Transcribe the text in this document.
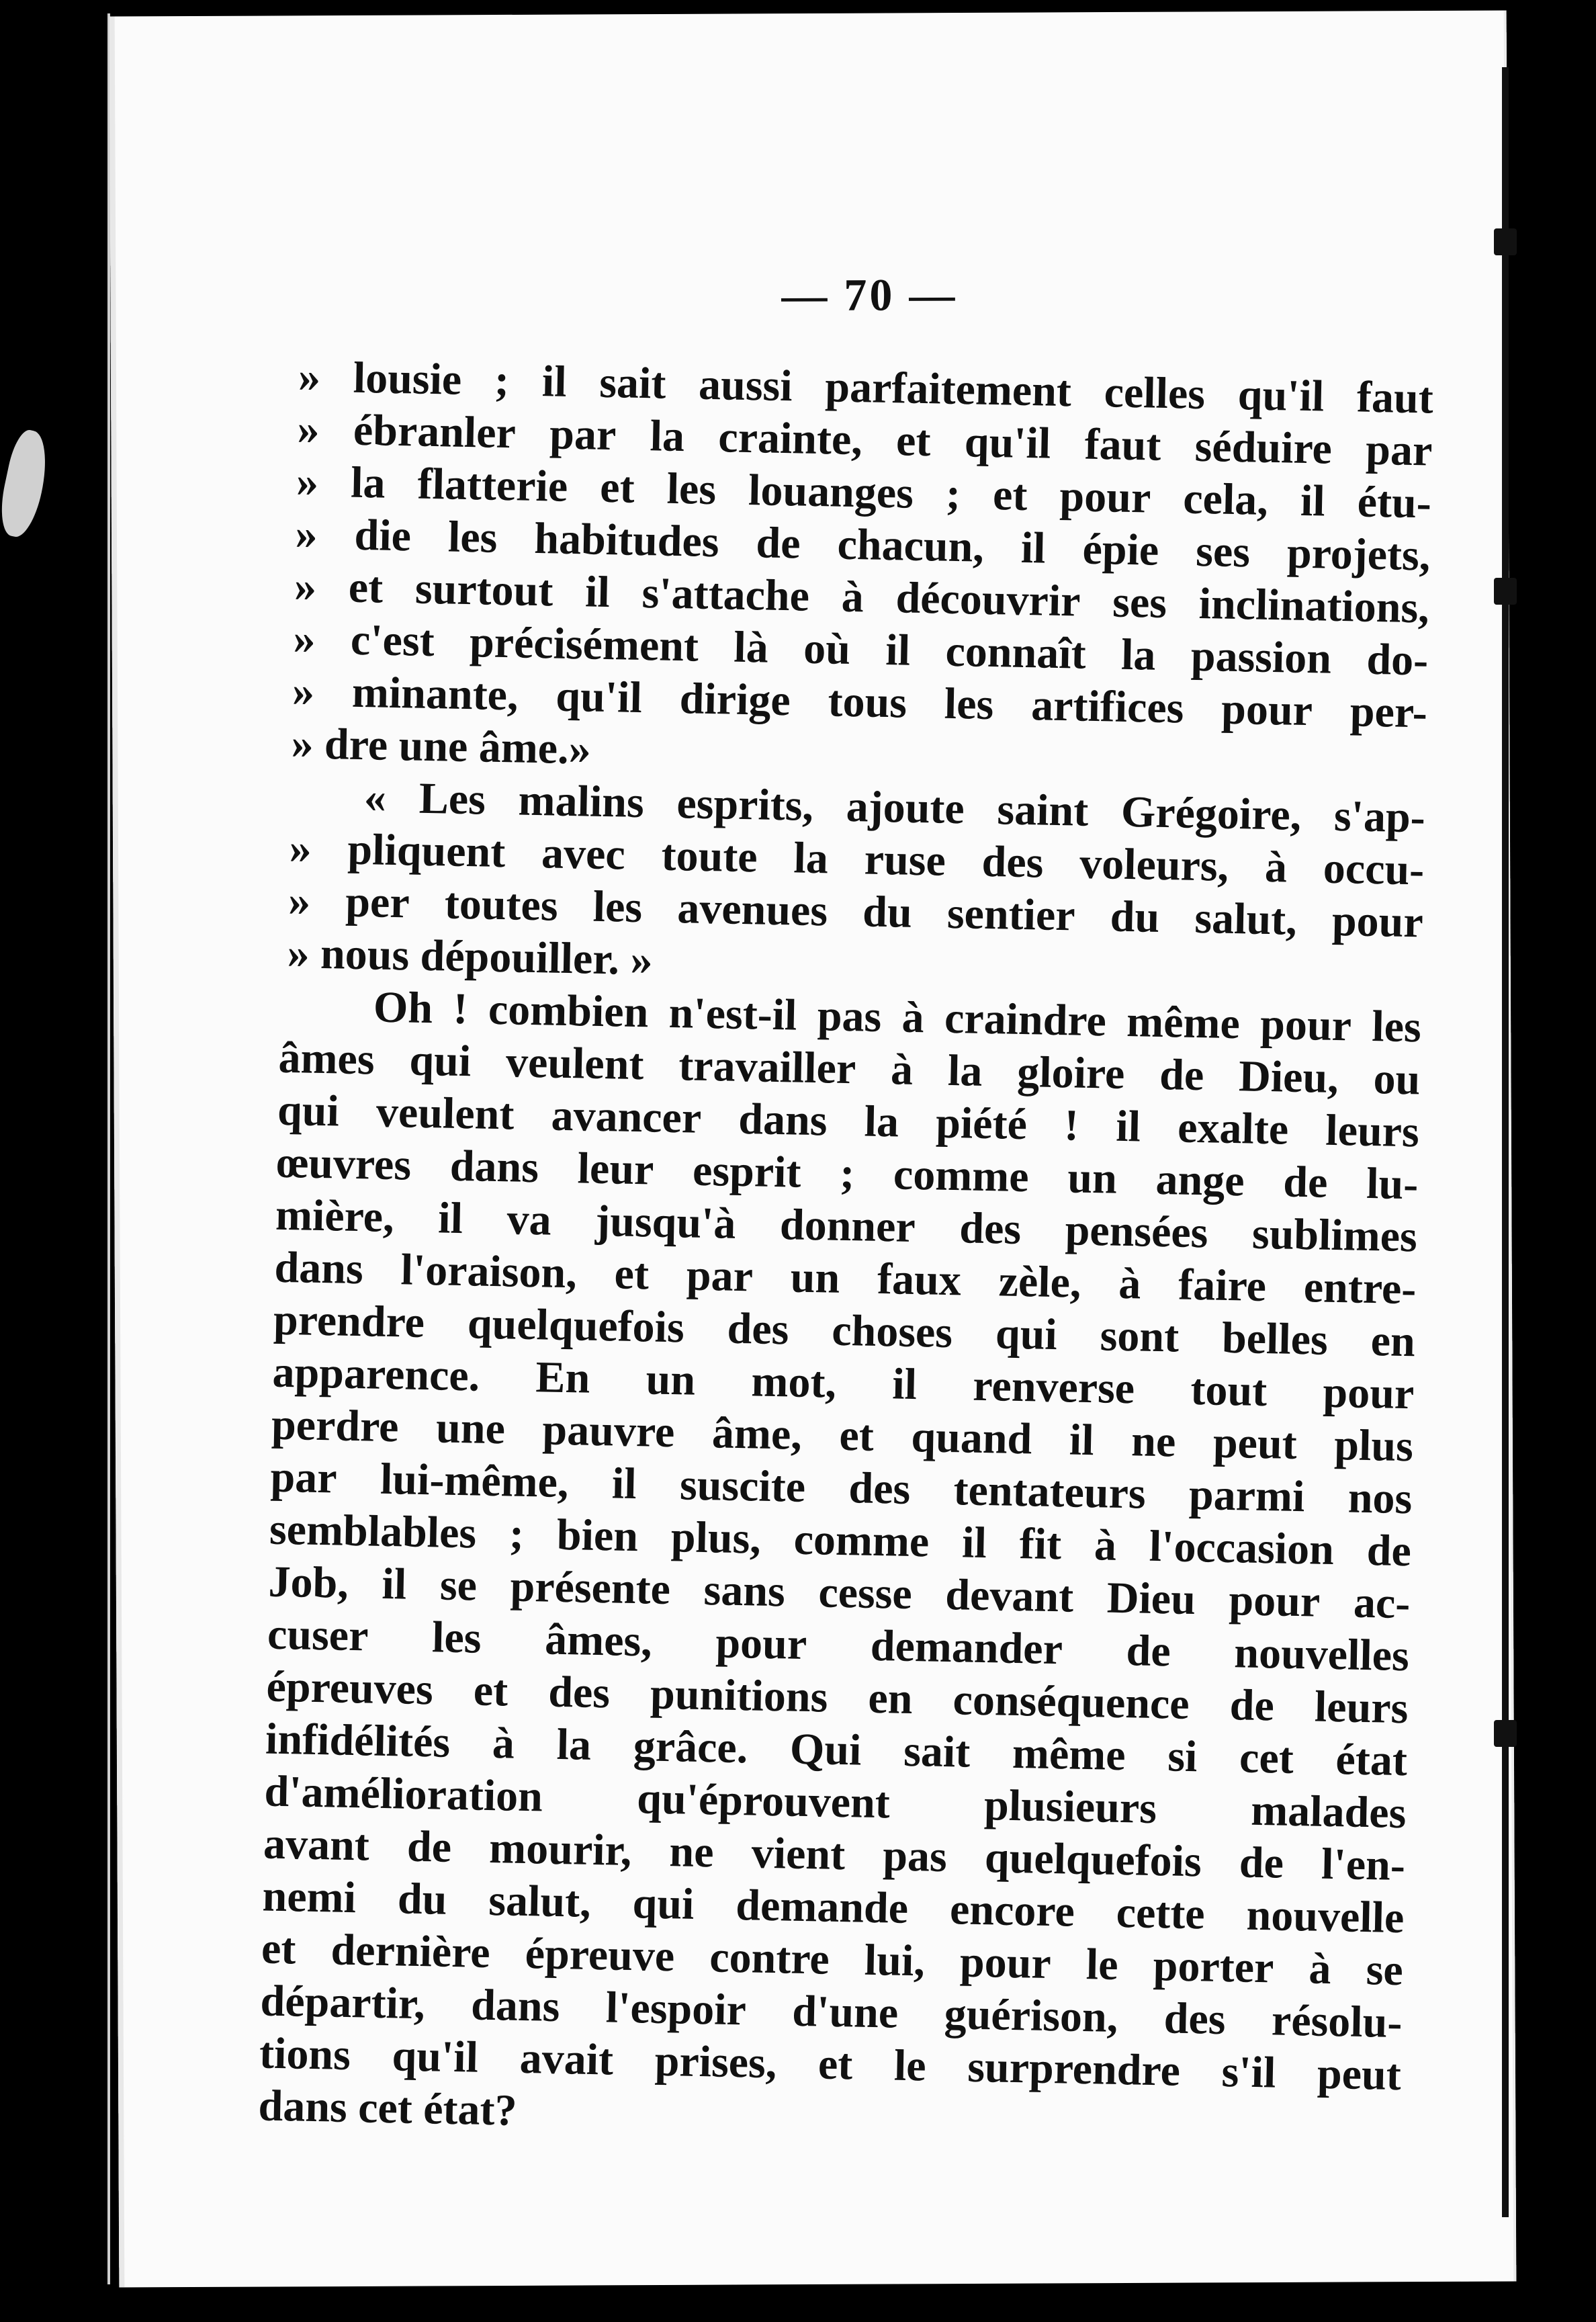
— 70 —
» lousie ; il sait aussi parfaitement celles qu'il faut
» ébranler par la crainte, et qu'il faut séduire par
» la flatterie et les louanges ; et pour cela, il étu-
» die les habitudes de chacun, il épie ses projets,
» et surtout il s'attache à découvrir ses inclinations,
» c'est précisément là où il connaît la passion do-
» minante, qu'il dirige tous les artifices pour per-
» dre une âme.»
« Les malins esprits, ajoute saint Grégoire, s'ap-
» pliquent avec toute la ruse des voleurs, à occu-
» per toutes les avenues du sentier du salut, pour
» nous dépouiller. »
Oh ! combien n'est-il pas à craindre même pour les
âmes qui veulent travailler à la gloire de Dieu, ou
qui veulent avancer dans la piété ! il exalte leurs
œuvres dans leur esprit ; comme un ange de lu-
mière, il va jusqu'à donner des pensées sublimes
dans l'oraison, et par un faux zèle, à faire entre-
prendre quelquefois des choses qui sont belles en
apparence. En un mot, il renverse tout pour
perdre une pauvre âme, et quand il ne peut plus
par lui-même, il suscite des tentateurs parmi nos
semblables ; bien plus, comme il fit à l'occasion de
Job, il se présente sans cesse devant Dieu pour ac-
cuser les âmes, pour demander de nouvelles
épreuves et des punitions en conséquence de leurs
infidélités à la grâce. Qui sait même si cet état
d'amélioration qu'éprouvent plusieurs malades
avant de mourir, ne vient pas quelquefois de l'en-
nemi du salut, qui demande encore cette nouvelle
et dernière épreuve contre lui, pour le porter à se
départir, dans l'espoir d'une guérison, des résolu-
tions qu'il avait prises, et le surprendre s'il peut
dans cet état?
